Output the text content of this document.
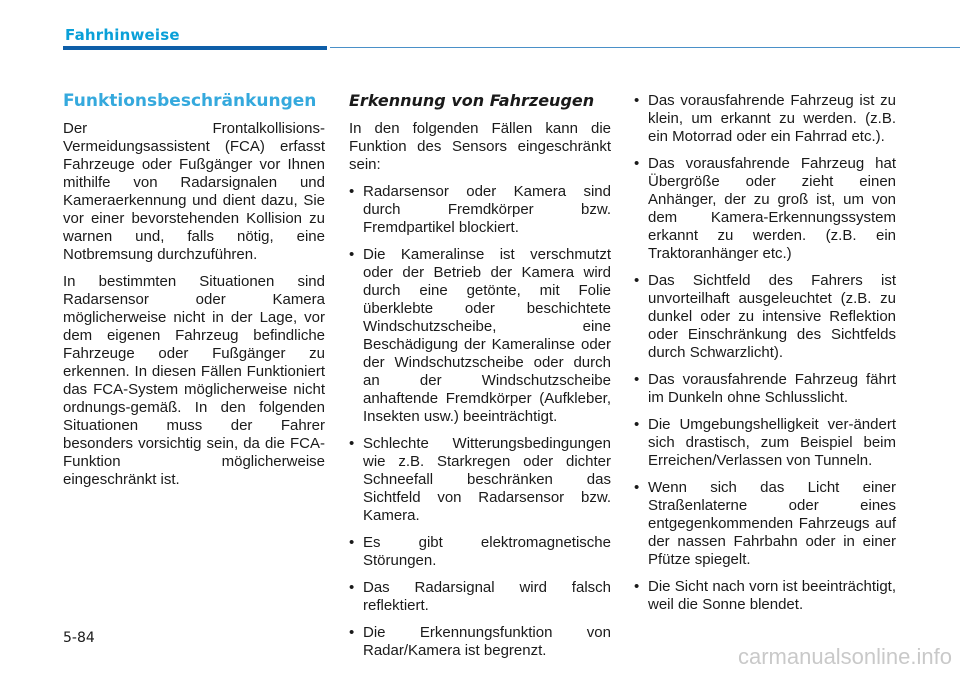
Fahrhinweise
Funktionsbeschränkungen

Der Frontalkollisions-Vermeidungsassistent (FCA) erfasst Fahrzeuge oder Fußgänger vor Ihnen mithilfe von Radarsignalen und Kameraerkennung und dient dazu, Sie vor einer bevorstehenden Kollision zu warnen und, falls nötig, eine Notbremsung durchzuführen.

In bestimmten Situationen sind Radarsensor oder Kamera möglicherweise nicht in der Lage, vor dem eigenen Fahrzeug befindliche Fahrzeuge oder Fußgänger zu erkennen. In diesen Fällen Funktioniert das FCA-System möglicherweise nicht ordnungs-gemäß. In den folgenden Situationen muss der Fahrer besonders vorsichtig sein, da die FCA-Funktion möglicherweise eingeschränkt ist.

Erkennung von Fahrzeugen

In den folgenden Fällen kann die Funktion des Sensors eingeschränkt sein:

• Radarsensor oder Kamera sind durch Fremdkörper bzw. Fremdpartikel blockiert.
• Die Kameralinse ist verschmutzt oder der Betrieb der Kamera wird durch eine getönte, mit Folie überklebte oder beschichtete Windschutzscheibe, eine Beschädigung der Kameralinse oder der Windschutzscheibe oder durch an der Windschutzscheibe anhaftende Fremdkörper (Aufkleber, Insekten usw.) beeinträchtigt.
• Schlechte Witterungsbedingungen wie z.B. Starkregen oder dichter Schneefall beschränken das Sichtfeld von Radarsensor bzw. Kamera.
• Es gibt elektromagnetische Störungen.
• Das Radarsignal wird falsch reflektiert.
• Die Erkennungsfunktion von Radar/Kamera ist begrenzt.
• Das vorausfahrende Fahrzeug ist zu klein, um erkannt zu werden. (z.B. ein Motorrad oder ein Fahrrad etc.).
• Das vorausfahrende Fahrzeug hat Übergröße oder zieht einen Anhänger, der zu groß ist, um von dem Kamera-Erkennungssystem erkannt zu werden. (z.B. ein Traktoranhänger etc.)
• Das Sichtfeld des Fahrers ist unvorteilhaft ausgeleuchtet (z.B. zu dunkel oder zu intensive Reflektion oder Einschränkung des Sichtfelds durch Schwarzlicht).
• Das vorausfahrende Fahrzeug fährt im Dunkeln ohne Schlusslicht.
• Die Umgebungshelligkeit ver-ändert sich drastisch, zum Beispiel beim Erreichen/Verlassen von Tunneln.
• Wenn sich das Licht einer Straßenlaterne oder eines entgegenkommenden Fahrzeugs auf der nassen Fahrbahn oder in einer Pfütze spiegelt.
• Die Sicht nach vorn ist beeinträchtigt, weil die Sonne blendet.
5-84
carmanualsonline.info
